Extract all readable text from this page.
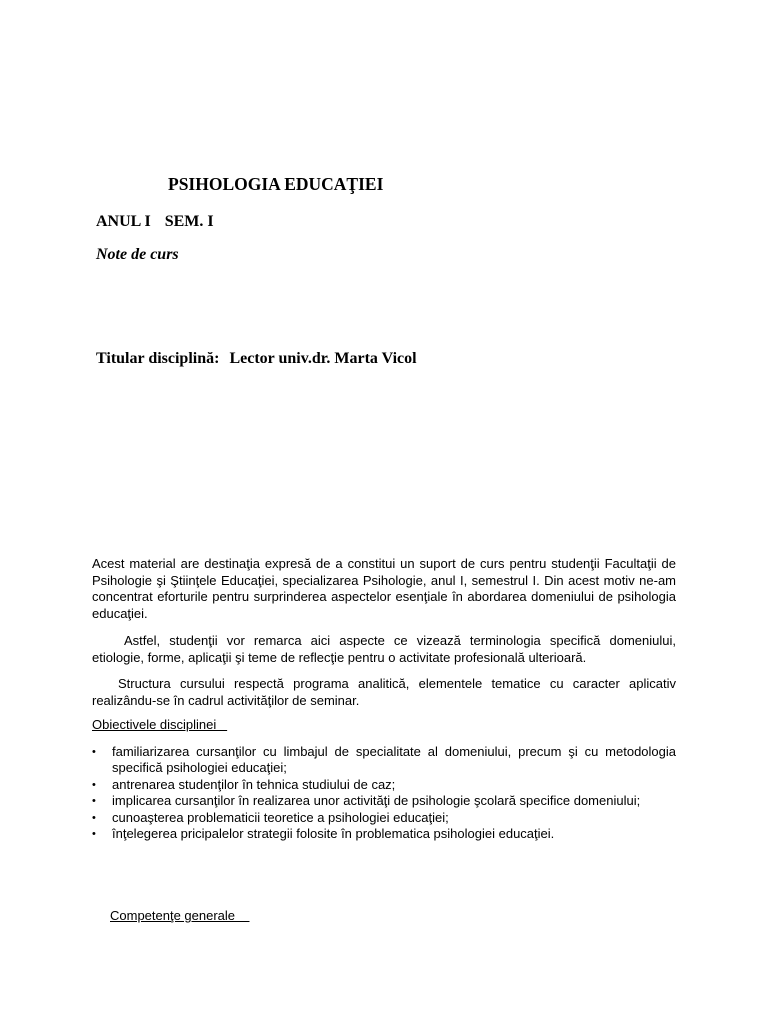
PSIHOLOGIA EDUCAŢIEI
ANUL I SEM. I
Note de curs
Titular disciplină: Lector univ.dr. Marta Vicol

Acest material are destinaţia expresă de a constitui un suport de curs pentru studenţii Facultaţii de Psihologie şi Ştiinţele Educaţiei, specializarea Psihologie, anul I, semestrul I. Din acest motiv ne-am concentrat eforturile pentru surprinderea aspectelor esenţiale în abordarea domeniului de psihologia educaţiei.

Astfel, studenţii vor remarca aici aspecte ce vizează terminologia specifică domeniului, etiologie, forme, aplicaţii şi teme de reflecţie pentru o activitate profesională ulterioară.

Structura cursului respectă programa analitică, elementele tematice cu caracter aplicativ realizându-se în cadrul activităţilor de seminar.

Obiectivele disciplinei

• familiarizarea cursanţilor cu limbajul de specialitate al domeniului, precum şi cu metodologia specifică psihologiei educaţiei;
• antrenarea studenţilor în tehnica studiului de caz;
• implicarea cursanţilor în realizarea unor activităţi de psihologie şcolară specifice domeniului;
• cunoaşterea problematicii teoretice a psihologiei educaţiei;
• înţelegerea pricipalelor strategii folosite în problematica psihologiei educaţiei.
Competenţe generale
